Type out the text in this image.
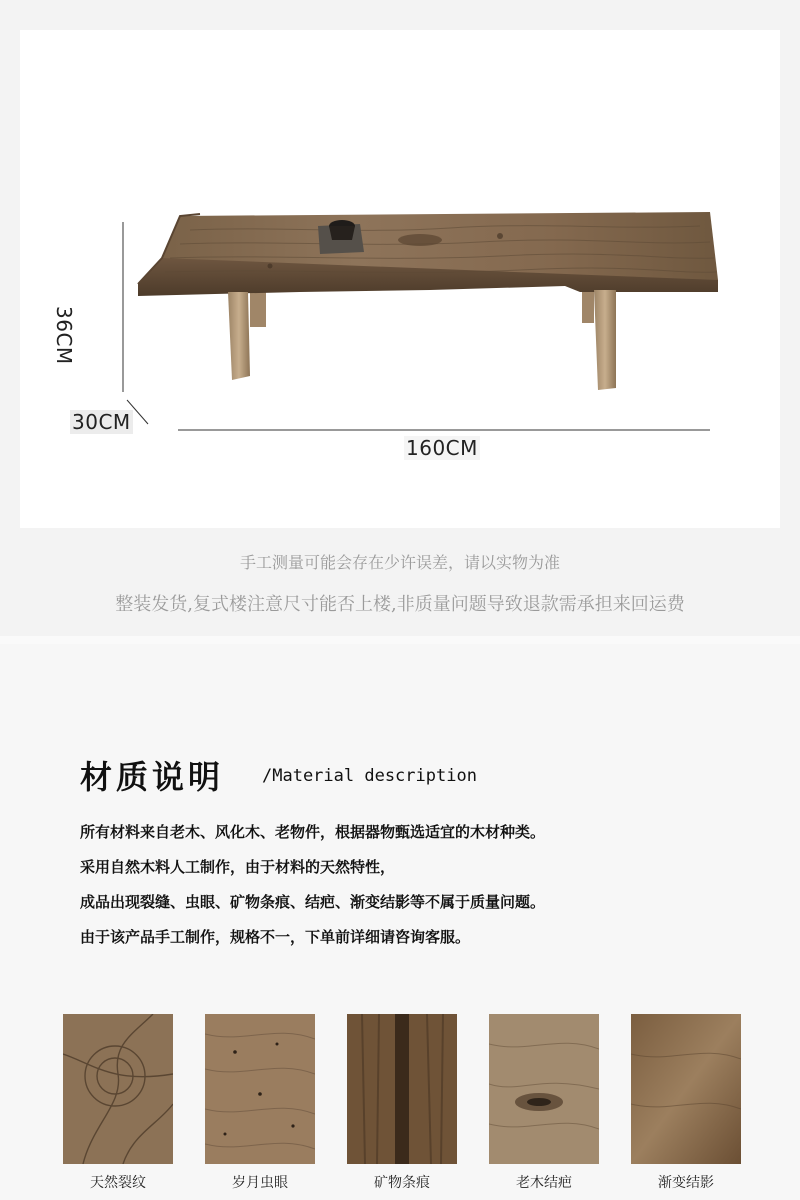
36CM
30CM
160CM
手工测量可能会存在少许误差，请以实物为准
整装发货,复式楼注意尺寸能否上楼,非质量问题导致退款需承担来回运费
材质说明 /Material description

所有材料来自老木、风化木、老物件，根据器物甄选适宜的木材种类。

采用自然木料人工制作，由于材料的天然特性，

成品出现裂缝、虫眼、矿物条痕、结疤、渐变结影等不属于质量问题。

由于该产品手工制作，规格不一，下单前详细请咨询客服。

天然裂纹	岁月虫眼	矿物条痕	老木结疤	渐变结影
